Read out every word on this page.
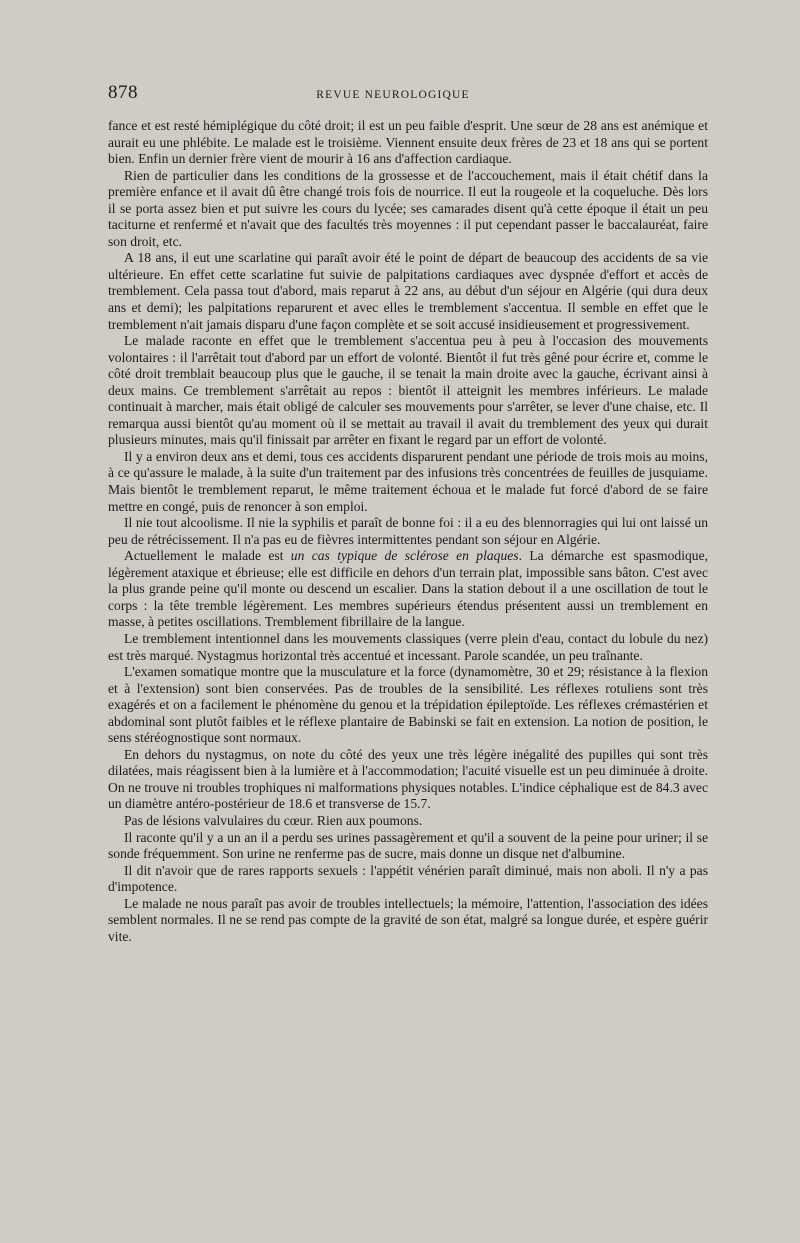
878	REVUE NEUROLOGIQUE

fance et est resté hémiplégique du côté droit; il est un peu faible d'esprit. Une sœur de 28 ans est anémique et aurait eu une phlébite. Le malade est le troisième. Viennent ensuite deux frères de 23 et 18 ans qui se portent bien. Enfin un dernier frère vient de mourir à 16 ans d'affection cardiaque.

Rien de particulier dans les conditions de la grossesse et de l'accouchement, mais il était chétif dans la première enfance et il avait dû être changé trois fois de nourrice. Il eut la rougeole et la coqueluche. Dès lors il se porta assez bien et put suivre les cours du lycée; ses camarades disent qu'à cette époque il était un peu taciturne et renfermé et n'avait que des facultés très moyennes : il put cependant passer le baccalauréat, faire son droit, etc.

A 18 ans, il eut une scarlatine qui paraît avoir été le point de départ de beaucoup des accidents de sa vie ultérieure. En effet cette scarlatine fut suivie de palpitations cardiaques avec dyspnée d'effort et accès de tremblement. Cela passa tout d'abord, mais reparut à 22 ans, au début d'un séjour en Algérie (qui dura deux ans et demi); les palpitations reparurent et avec elles le tremblement s'accentua. Il semble en effet que le tremblement n'ait jamais disparu d'une façon complète et se soit accusé insidieusement et progressivement.

Le malade raconte en effet que le tremblement s'accentua peu à peu à l'occasion des mouvements volontaires : il l'arrêtait tout d'abord par un effort de volonté. Bientôt il fut très gêné pour écrire et, comme le côté droit tremblait beaucoup plus que le gauche, il se tenait la main droite avec la gauche, écrivant ainsi à deux mains. Ce tremblement s'arrêtait au repos : bientôt il atteignit les membres inférieurs. Le malade continuait à marcher, mais était obligé de calculer ses mouvements pour s'arrêter, se lever d'une chaise, etc. Il remarqua aussi bientôt qu'au moment où il se mettait au travail il avait du tremblement des yeux qui durait plusieurs minutes, mais qu'il finissait par arrêter en fixant le regard par un effort de volonté.

Il y a environ deux ans et demi, tous ces accidents disparurent pendant une période de trois mois au moins, à ce qu'assure le malade, à la suite d'un traitement par des infusions très concentrées de feuilles de jusquiame. Mais bientôt le tremblement reparut, le même traitement échoua et le malade fut forcé d'abord de se faire mettre en congé, puis de renoncer à son emploi.

Il nie tout alcoolisme. Il nie la syphilis et paraît de bonne foi : il a eu des blennorragies qui lui ont laissé un peu de rétrécissement. Il n'a pas eu de fièvres intermittentes pendant son séjour en Algérie.

Actuellement le malade est un cas typique de sclérose en plaques. La démarche est spasmodique, légèrement ataxique et ébrieuse; elle est difficile en dehors d'un terrain plat, impossible sans bâton. C'est avec la plus grande peine qu'il monte ou descend un escalier. Dans la station debout il a une oscillation de tout le corps : la tête tremble légèrement. Les membres supérieurs étendus présentent aussi un tremblement en masse, à petites oscillations. Tremblement fibrillaire de la langue.

Le tremblement intentionnel dans les mouvements classiques (verre plein d'eau, contact du lobule du nez) est très marqué. Nystagmus horizontal très accentué et incessant. Parole scandée, un peu traînante.

L'examen somatique montre que la musculature et la force (dynamomètre, 30 et 29; résistance à la flexion et à l'extension) sont bien conservées. Pas de troubles de la sensibilité. Les réflexes rotuliens sont très exagérés et on a facilement le phénomène du genou et la trépidation épileptoïde. Les réflexes crémastérien et abdominal sont plutôt faibles et le réflexe plantaire de Babinski se fait en extension. La notion de position, le sens stéréognostique sont normaux.

En dehors du nystagmus, on note du côté des yeux une très légère inégalité des pupilles qui sont très dilatées, mais réagissent bien à la lumière et à l'accommodation; l'acuité visuelle est un peu diminuée à droite. On ne trouve ni troubles trophiques ni malformations physiques notables. L'indice céphalique est de 84.3 avec un diamètre antéro-postérieur de 18.6 et transverse de 15.7.

Pas de lésions valvulaires du cœur. Rien aux poumons.

Il raconte qu'il y a un an il a perdu ses urines passagèrement et qu'il a souvent de la peine pour uriner; il se sonde fréquemment. Son urine ne renferme pas de sucre, mais donne un disque net d'albumine.

Il dit n'avoir que de rares rapports sexuels : l'appétit vénérien paraît diminué, mais non aboli. Il n'y a pas d'impotence.

Le malade ne nous paraît pas avoir de troubles intellectuels; la mémoire, l'attention, l'association des idées semblent normales. Il ne se rend pas compte de la gravité de son état, malgré sa longue durée, et espère guérir vite.
